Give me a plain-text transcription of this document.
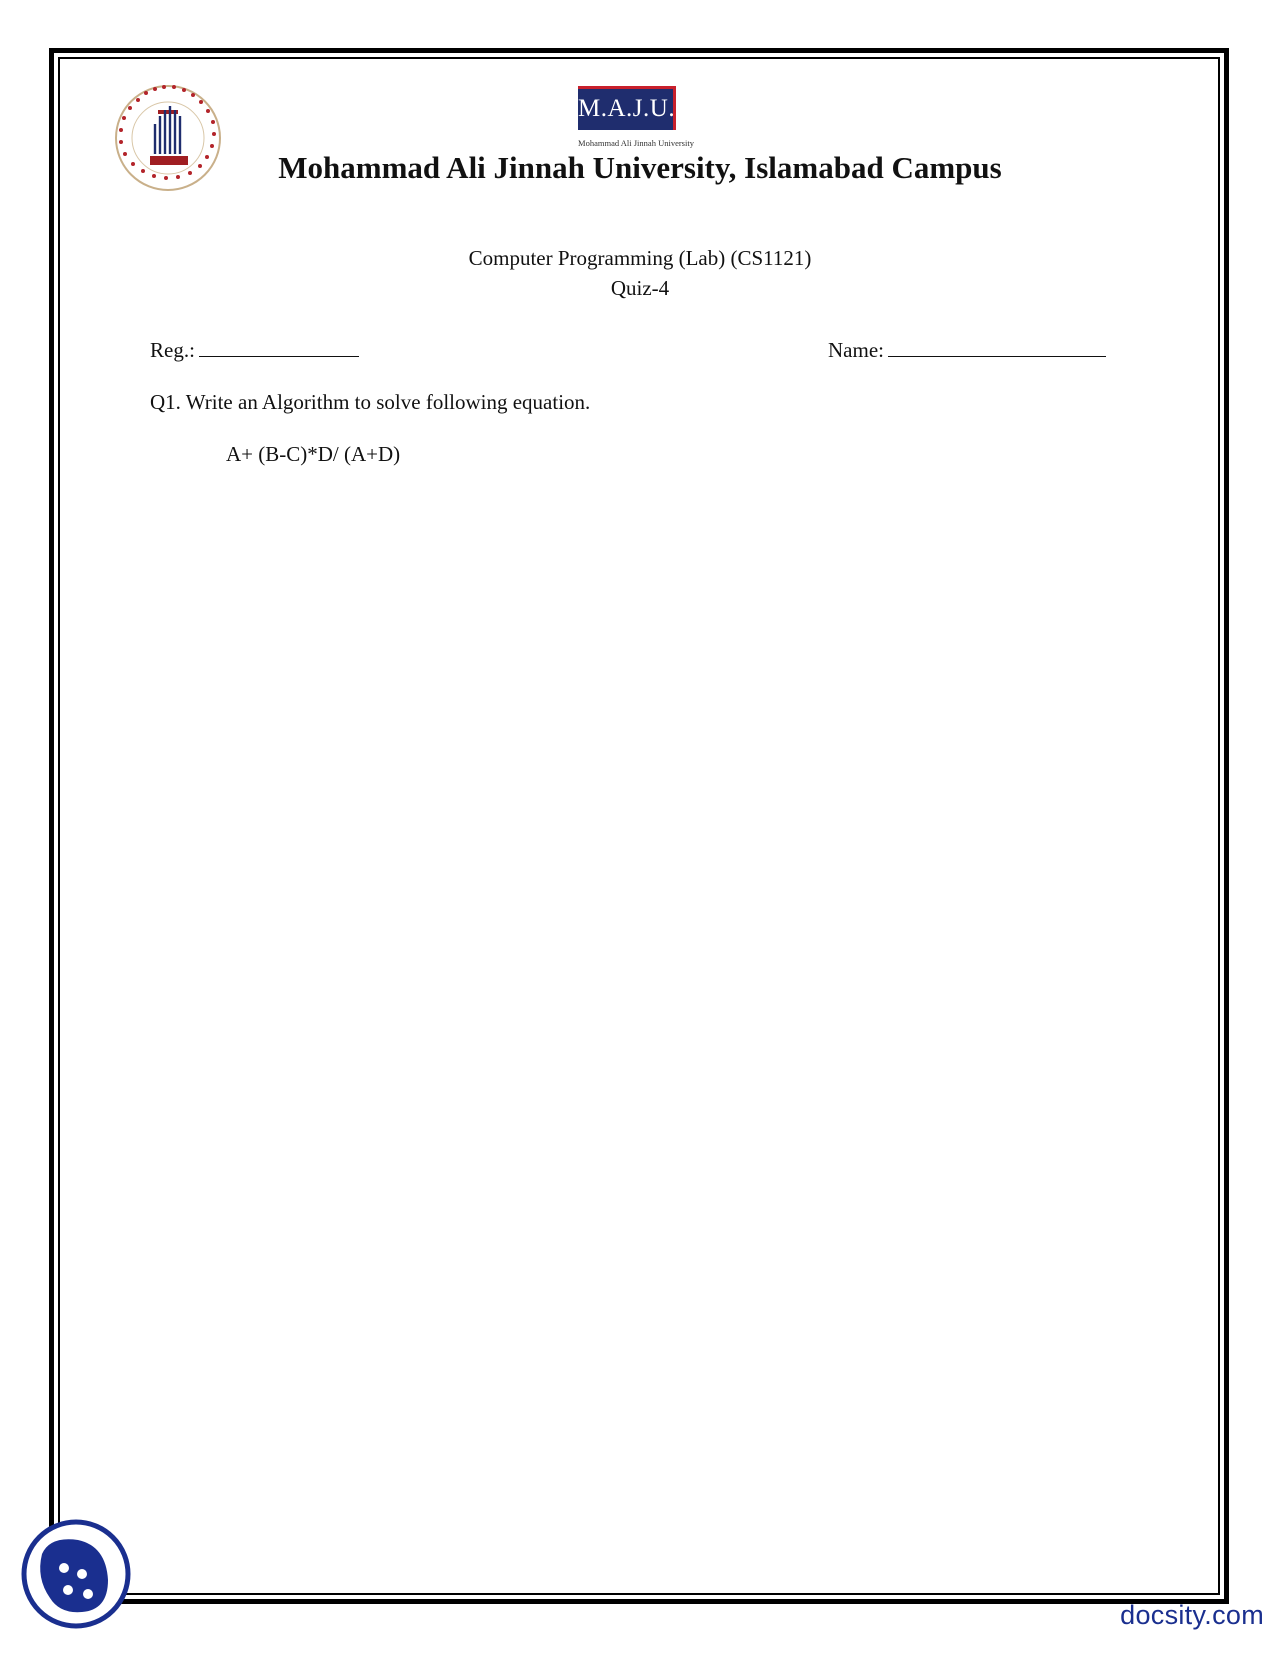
M.A.J.U.
Mohammad Ali Jinnah University
Mohammad Ali Jinnah University, Islamabad Campus
Computer Programming (Lab) (CS1121)
Quiz-4
Reg.:	Name:
Q1. Write an Algorithm to solve following equation.
A+ (B-C)*D/ (A+D)
docsity.com
